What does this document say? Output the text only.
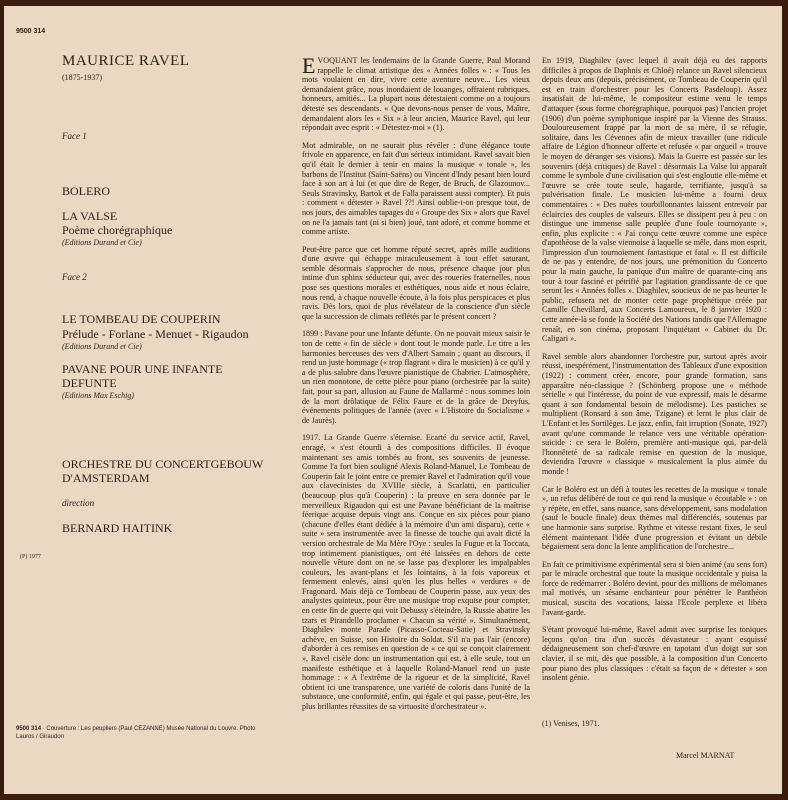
9500 314
MAURICE RAVEL
(1875-1937)
Face 1
BOLERO
LA VALSE
Poème chorégraphique
(Editions Durand et Cie)
Face 2
LE TOMBEAU DE COUPERIN
Prélude - Forlane - Menuet - Rigaudon
(Editions Durand et Cie)
PAVANE POUR UNE INFANTE
DEFUNTE
(Editions Max Eschig)
ORCHESTRE DU CONCERTGEBOUW
D'AMSTERDAM
direction
BERNARD HAITINK
(P) 1977
9500 314 · Couverture : Les peupliers (Paul CEZANNE) Musée National du Louvre. Photo Lauros / Giraudon

EVOQUANT les lendemains de la Grande Guerre, Paul Morand rappelle le climat artistique des « Années folles » : « Tous les mots voulaient en dire, vivre cette aventure neuve... Les vieux demandaient grâce, nous inondaient de louanges, offraient rubriques, honneurs, amitiés... La plupart nous détestaient comme on a toujours détesté ses descendants. « Que devons-nous penser de vous, Maître, demandaient alors les « Six » à leur ancien, Maurice Ravel, qui leur répondait avec esprit : « Détestez-moi » (1).

Mot admirable, on ne saurait plus révéler : d'une élégance toute frivole en apparence, en fait d'un sérieux intimidant. Ravel savait bien qu'il était le dernier à tenir en mains la musique « tonale », les barbons de l'Institut (Saint-Saëns) ou Vincent d'Indy pesant bien lourd face à son art à lui (et que dire de Reger, de Bruch, de Glazounov... Seuls Stravinsky, Bartok et de Falla paraissent aussi compter). Et puis : comment « détester » Ravel ??! Ainsi oublie-t-on presque tout, de nos jours, des aimables tapages du « Groupe des Six » alors que Ravel on ne l'a jamais tant (ni si bien) joué, tant adoré, et comme homme et comme artiste.

Peut-être parce que cet homme réputé secret, après mille auditions d'une œuvre qui échappe miraculeusement à tout effet saturant, semble désormais s'approcher de nous, présence chaque jour plus intime d'un sphinx séducteur qui, avec des roueries fraternelles, nous pose ses questions morales et esthétiques, nous aide et nous éclaire, nous rend, à chaque nouvelle écoute, à la fois plus perspicaces et plus ravis. Dès lors, quoi de plus révélateur de la conscience d'un siècle que la succession de climats reflétés par le présent concert ?

1899 : Pavane pour une Infante défunte. On ne pouvait mieux saisir le ton de cette « fin de siècle » dont tout le monde parle. Le titre a les harmonies berceuses des vers d'Albert Samain ; quant au discours, il rend un juste hommage (« trop flagrant » dira le musicien) à ce qu'il y a de plus salubre dans l'œuvre pianistique de Chabrier. L'atmosphère, un rien monotone, de cette pièce pour piano (orchestrée par la suite) fait, pour sa part, allusion au Faune de Mallarmé : nous sommes loin de la mort drôlatique de Félix Faure et de la grâce de Dreyfus, événements politiques de l'année (avec « L'Histoire du Socialisme » de Jaurès).

1917. La Grande Guerre s'éternise. Ecarté du service actif, Ravel, enragé, « s'est étourdi à des compositions difficiles. Il évoque maintenant ses amis tombés au front, ses souvenirs de jeunesse. Comme l'a fort bien souligné Alexis Roland-Manuel, Le Tombeau de Couperin fait le joint entre ce premier Ravel et l'admiration qu'il voue aux clavecinistes du XVIIIe siècle, à Scarlatti, en particulier (beaucoup plus qu'à Couperin) : la preuve en sera donnée par le merveilleux Rigaudon qui est une Pavane bénéficiant de la maîtrise féerique acquise depuis vingt ans. Conçue en six pièces pour piano (chacune d'elles étant dédiée à la mémoire d'un ami disparu), cette « suite » sera instrumentée avec la finesse de touche qui avait dicté la version orchestrale de Ma Mère l'Oye : seules la Fugue et la Toccata, trop intimement pianistiques, ont été laissées en dehors de cette nouvelle vêture dont on ne se lasse pas d'explorer les impalpables couleurs, les avant-plans et les lointains, à la fois vaporeux et fermement enlevés, ainsi qu'en les plus belles « verdures » de Fragonard. Mais déjà ce Tombeau de Couperin passe, aux yeux des analystes quinteux, pour être une musique trop exquise pour compter, en cette fin de guerre qui voit Debussy s'éteindre, la Russie abattre les tzars et Pirandello proclamer « Chacun sa vérité ». Simultanément, Diaghilev monte Parade (Picasso-Cocteau-Satie) et Stravinsky achève, en Suisse, son Histoire du Soldat. S'il n'a pas l'air (encore) d'aborder à ces remises en question de « ce qui se conçoit clairement », Ravel cisèle donc un instrumentation qui est, à elle seule, tout un manifeste esthétique et à laquelle Roland-Manuel rend un juste hommage : « A l'extrême de la rigueur et de la simplicité, Ravel obtient ici une transparence, une variété de coloris dans l'unité de la substance, une conformité, enfin, qui égale et qui passe, peut-être, les plus brillantes réussites de sa virtuosité d'orchestrateur ».

En 1919, Diaghilev (avec lequel il avait déjà eu des rapports difficiles à propos de Daphnis et Chloé) relance un Ravel silencieux depuis deux ans (depuis, précisément, ce Tombeau de Couperin qu'il est en train d'orchestrer pour les Concerts Pasdeloup). Assez insatisfait de lui-même, le compositeur estime venu le temps d'attaquer (sous forme chorégraphique, pourquoi pas) l'ancien projet (1906) d'un poème symphonique inspiré par la Vienne des Strauss. Douloureusement frappé par la mort de sa mère, il se réfugie, solitaire, dans les Cévennes afin de mieux travailler (une ridicule affaire de Légion d'honneur offerte et refusée « par orgueil » trouve le moyen de déranger ses visions). Mais la Guerre est passée sur les souvenirs (déjà critiques) de Ravel : désormais La Valse lui apparaît comme le symbole d'une civilisation qui s'est engloutie elle-même et l'œuvre se crée toute seule, hagarde, terrifiante, jusqu'à sa pulvérisation finale. Le musicien lui-même a fourni deux commentaires : « Des nuées tourbillonnantes laissent entrevoir par éclaircies des couples de valseurs. Elles se dissipent peu à peu : on distingue une immense salle peuplée d'une foule tournoyante », enfin, plus explicite : « J'ai conçu cette œuvre comme une espèce d'apothéose de la valse viennoise à laquelle se mêle, dans mon esprit, l'impression d'un tournoiement fantastique et fatal ». Il est difficile de ne pas y entendre, de nos jours, une prémonition du Concerto pour la main gauche, la panique d'un maître de quarante-cinq ans tour à tour fasciné et pétrifié par l'agitation grandissante de ce que seront les « Années folles ». Diaghilev, soucieux de ne pas heurter le public, refusera net de monter cette page prophétique créée par Camille Chevillard, aux Concerts Lamoureux, le 8 janvier 1920 : cette année-là se fonde la Société des Nations tandis que l'Allemagne renaît, en son cinéma, proposant l'inquiétant « Cabinet du Dr. Caligari ».

Ravel semble alors abandonner l'orchestre pur, surtout après avoir réussi, inespérément, l'instrumentation des Tableaux d'une exposition (1922) : comment créer, encore, pour grande formation, sans apparaître néo-classique ? (Schönberg propose une « méthode sérielle » qui l'intéresse, du point de vue expressif, mais le désarme quant à son fondamental besoin de mélodisme). Les pastiches se multiplient (Ronsard à son âme, Tzigane) et lernt le plus clair de L'Enfant et les Sortilèges. Le jazz, enfin, fait irruption (Sonate, 1927) avant qu'une commande le relance vers une véritable opération-suicide : ce sera le Boléro, première anti-musique qui, par-delà l'honnêteté de sa radicale remise en question de la musique, deviendra l'œuvre « classique » musicalement la plus aimée du monde !

Car le Boléro est un défi à toutes les recettes de la musique « tonale », un refus délibéré de tout ce qui rend la musique « écoutable » : on y répète, en effet, sans nuance, sans développement, sans modulation (sauf le boucle finale) deux thèmes mal différenciés, soutenus par une harmonie sans surprise. Rythme et vitesse restant fixes, le seul élément maintenant l'idée d'une progression et évitant un débile bégaiement sera donc la lente amplification de l'orchestre...

En fait ce primitivisme expérimental sera si bien animé (au sens fort) par le miracle orchestral que toute la musique occidentale y puisa la force de redémarrer : Boléro devint, pour des millions de mélomanes mal motivés, un sésame enchanteur pour pénétrer le Panthéon musical, suscita des vocations, laissa l'Ecole perplexe et libéra l'avant-garde.

S'étant provoqué lui-même, Ravel admit avec surprise les toniques leçons qu'on tira d'un succès dévastateur : ayant esquissé dédaigneusement son chef-d'œuvre en tapotant d'un doigt sur son clavier, il se mit, dès que possible, à la composition d'un Concerto pour piano des plus classiques : c'était sa façon de « détester » son insolent génie.

(1) Venises, 1971.
Marcel MARNAT
